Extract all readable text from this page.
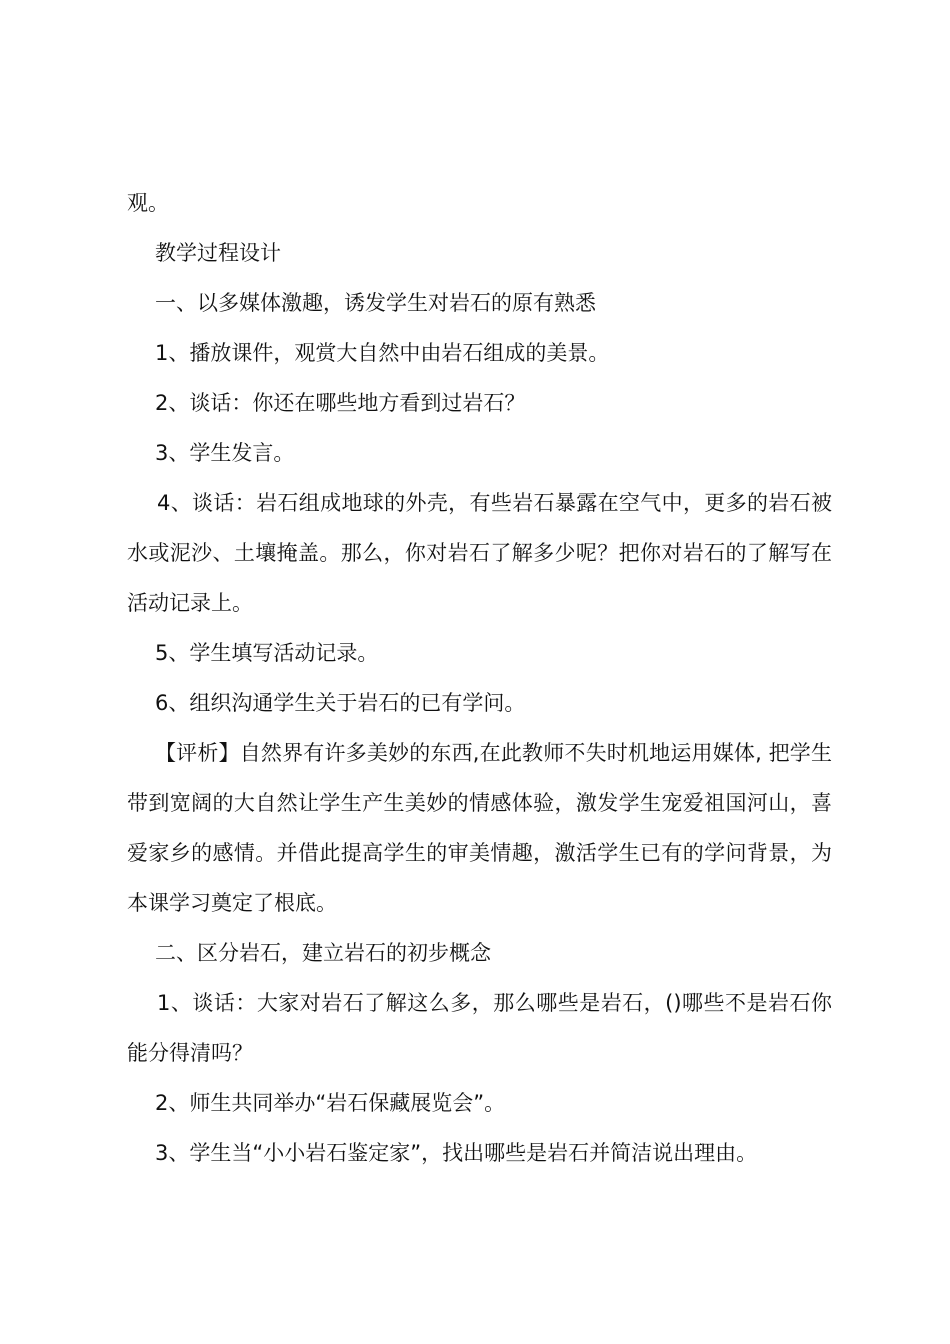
观。

教学过程设计

一、以多媒体激趣，诱发学生对岩石的原有熟悉

1、播放课件，观赏大自然中由岩石组成的美景。

2、谈话：你还在哪些地方看到过岩石？

3、学生发言。

4、谈话：岩石组成地球的外壳，有些岩石暴露在空气中，更多的岩石被水或泥沙、土壤掩盖。那么，你对岩石了解多少呢？把你对岩石的了解写在活动记录上。

5、学生填写活动记录。

6、组织沟通学生关于岩石的已有学问。

【评析】自然界有许多美妙的东西,在此教师不失时机地运用媒体, 把学生带到宽阔的大自然让学生产生美妙的情感体验，激发学生宠爱祖国河山，喜爱家乡的感情。并借此提高学生的审美情趣，激活学生已有的学问背景，为本课学习奠定了根底。

二、区分岩石，建立岩石的初步概念

1、谈话：大家对岩石了解这么多，那么哪些是岩石，()哪些不是岩石你能分得清吗？

2、师生共同举办“岩石保藏展览会”。

3、学生当“小小岩石鉴定家”，找出哪些是岩石并简洁说出理由。
